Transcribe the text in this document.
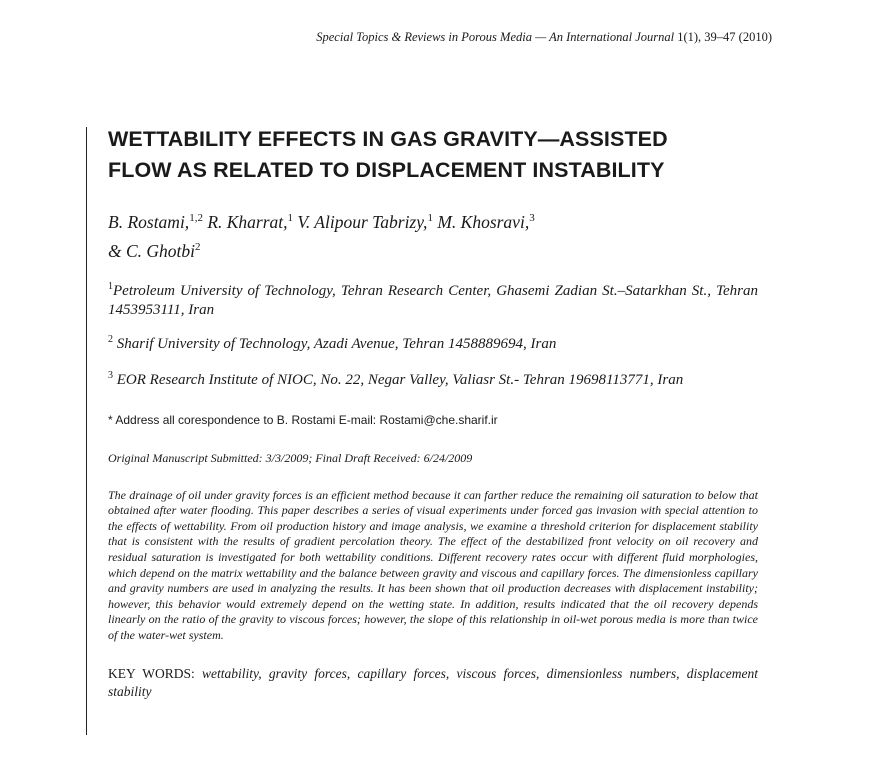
Special Topics & Reviews in Porous Media — An International Journal 1(1), 39–47 (2010)
WETTABILITY EFFECTS IN GAS GRAVITY—ASSISTED
FLOW AS RELATED TO DISPLACEMENT INSTABILITY
B. Rostami,$^{1,2}$ R. Kharrat,$^1$ V. Alipour Tabrizy,$^1$ M. Khosravi,$^3$
& C. Ghotbi$^2$
$^1$Petroleum University of Technology, Tehran Research Center, Ghasemi Zadian St.–Satarkhan St., Tehran 1453953111, Iran
$^2$ Sharif University of Technology, Azadi Avenue, Tehran 1458889694, Iran
$^3$ EOR Research Institute of NIOC, No. 22, Negar Valley, Valiasr St.- Tehran 19698113771, Iran
* Address all corespondence to B. Rostami E-mail: Rostami@che.sharif.ir
Original Manuscript Submitted: 3/3/2009; Final Draft Received: 6/24/2009
The drainage of oil under gravity forces is an efficient method because it can farther reduce the remaining oil saturation to below that obtained after water flooding. This paper describes a series of visual experiments under forced gas invasion with special attention to the effects of wettability. From oil production history and image analysis, we examine a threshold criterion for displacement stability that is consistent with the results of gradient percolation theory. The effect of the destabilized front velocity on oil recovery and residual saturation is investigated for both wettability conditions. Different recovery rates occur with different fluid morphologies, which depend on the matrix wettability and the balance between gravity and viscous and capillary forces. The dimensionless capillary and gravity numbers are used in analyzing the results. It has been shown that oil production decreases with displacement instability; however, this behavior would extremely depend on the wetting state. In addition, results indicated that the oil recovery depends linearly on the ratio of the gravity to viscous forces; however, the slope of this relationship in oil-wet porous media is more than twice of the water-wet system.
KEY WORDS: wettability, gravity forces, capillary forces, viscous forces, dimensionless numbers, displacement stability
